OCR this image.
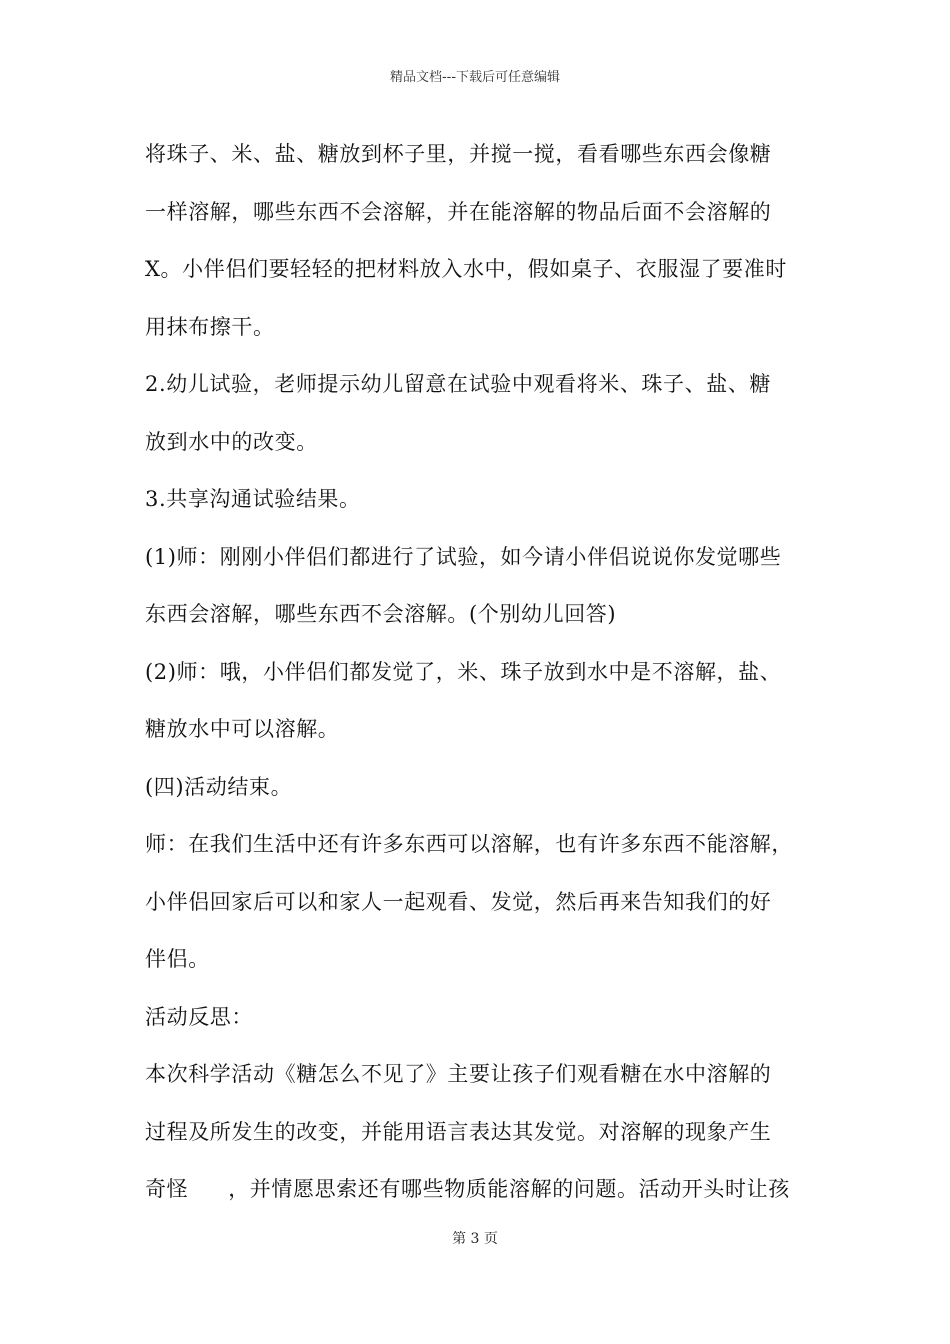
精品文档---下载后可任意编辑
将珠子、米、盐、糖放到杯子里，并搅一搅，看看哪些东西会像糖
一样溶解，哪些东西不会溶解，并在能溶解的物品后面不会溶解的
X。小伴侣们要轻轻的把材料放入水中，假如桌子、衣服湿了要准时
用抹布擦干。
2.幼儿试验，老师提示幼儿留意在试验中观看将米、珠子、盐、糖
放到水中的改变。
3.共享沟通试验结果。
(1)师：刚刚小伴侣们都进行了试验，如今请小伴侣说说你发觉哪些
东西会溶解，哪些东西不会溶解。(个别幼儿回答)
(2)师：哦，小伴侣们都发觉了，米、珠子放到水中是不溶解，盐、
糖放水中可以溶解。
(四)活动结束。
师：在我们生活中还有许多东西可以溶解，也有许多东西不能溶解，
小伴侣回家后可以和家人一起观看、发觉，然后再来告知我们的好
伴侣。
活动反思：
本次科学活动《糖怎么不见了》主要让孩子们观看糖在水中溶解的
过程及所发生的改变，并能用语言表达其发觉。对溶解的现象产生
奇怪 ，并情愿思索还有哪些物质能溶解的问题。活动开头时让孩
第 3 页
